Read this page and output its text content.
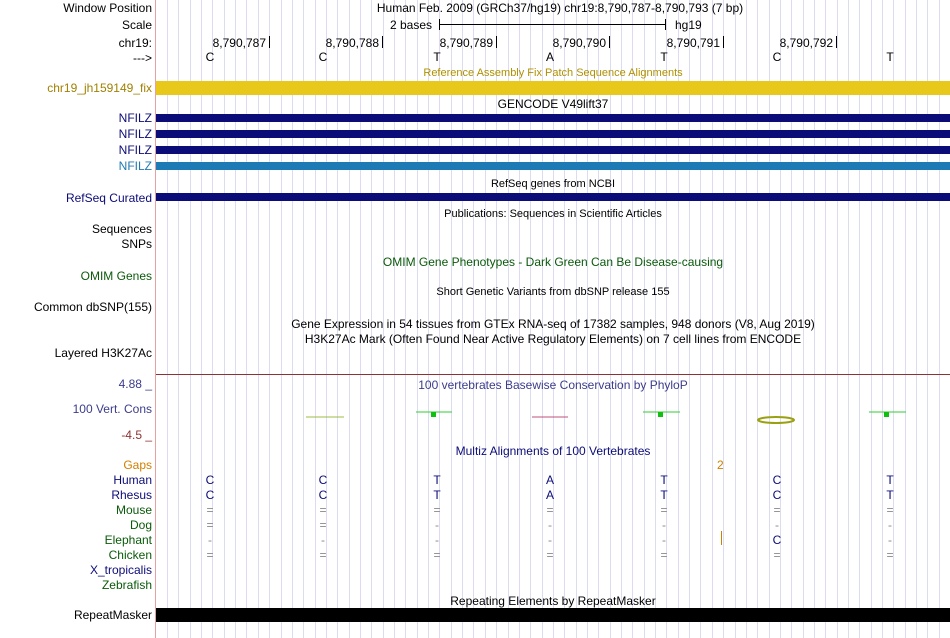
Window Position	Human Feb. 2009 (GRCh37/hg19) chr19:8,790,787-8,790,793 (7 bp)
Scale	2 bases	hg19
chr19:
--->
8,790,787	8,790,788	8,790,789	8,790,790	8,790,791	8,790,792
C	C	T	A	T	C	T
Reference Assembly Fix Patch Sequence Alignments
chr19_jh159149_fix
GENCODE V49lift37
NFILZ
NFILZ
NFILZ
NFILZ
RefSeq genes from NCBI
RefSeq Curated
Publications: Sequences in Scientific Articles
Sequences
SNPs
OMIM Gene Phenotypes - Dark Green Can Be Disease-causing
OMIM Genes
Short Genetic Variants from dbSNP release 155
Common dbSNP(155)
Gene Expression in 54 tissues from GTEx RNA-seq of 17382 samples, 948 donors (V8, Aug 2019)
H3K27Ac Mark (Often Found Near Active Regulatory Elements) on 7 cell lines from ENCODE
Layered H3K27Ac
100 vertebrates Basewise Conservation by PhyloP
4.88 _
100 Vert. Cons
-4.5 _
Multiz Alignments of 100 Vertebrates
Gaps	2
Human	C	C	T	A	T	C	T
Rhesus	C	C	T	A	T	C	T
Mouse	=	=	=	=	=	=	=
Dog	=	=	-	-	-	-	-
Elephant	-	-	-	-	-	C	-
Chicken	=	=	=	=	=	=	=
X_tropicalis
Zebrafish
Repeating Elements by RepeatMasker
RepeatMasker
